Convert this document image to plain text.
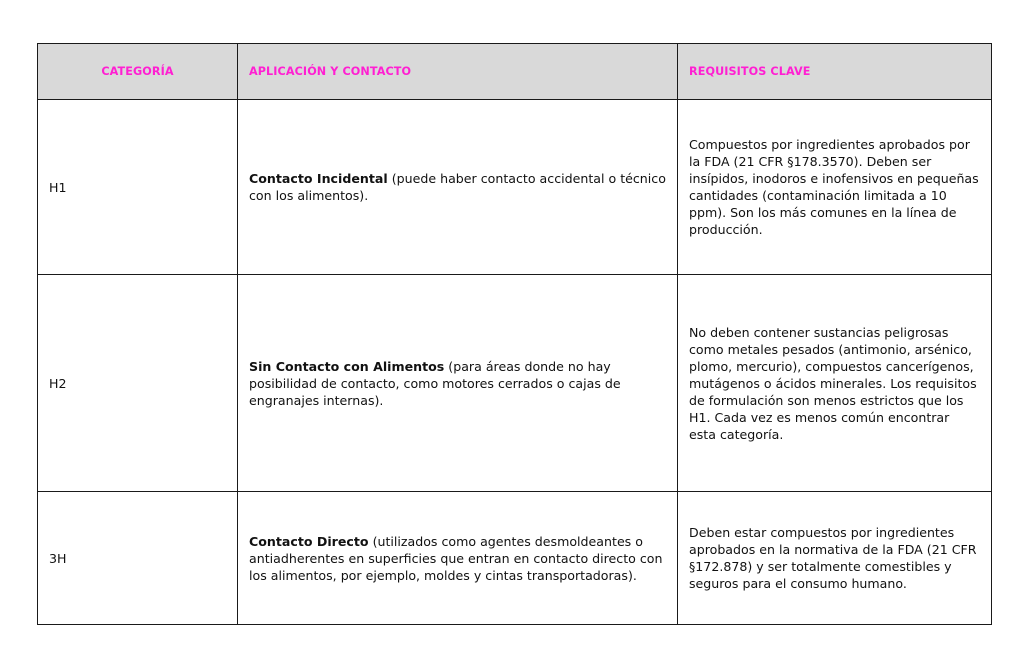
CATEGORÍA	APLICACIÓN Y CONTACTO	REQUISITOS CLAVE
H1	Contacto Incidental (puede haber contacto accidental o técnico con los alimentos).	Compuestos por ingredientes aprobados por la FDA (21 CFR §178.3570). Deben ser insípidos, inodoros e inofensivos en pequeñas cantidades (contaminación limitada a 10 ppm). Son los más comunes en la línea de producción.
H2	Sin Contacto con Alimentos (para áreas donde no hay posibilidad de contacto, como motores cerrados o cajas de engranajes internas).	No deben contener sustancias peligrosas como metales pesados (antimonio, arsénico, plomo, mercurio), compuestos cancerígenos, mutágenos o ácidos minerales. Los requisitos de formulación son menos estrictos que los H1. Cada vez es menos común encontrar esta categoría.
3H	Contacto Directo (utilizados como agentes desmoldeantes o antiadherentes en superficies que entran en contacto directo con los alimentos, por ejemplo, moldes y cintas transportadoras).	Deben estar compuestos por ingredientes aprobados en la normativa de la FDA (21 CFR §172.878) y ser totalmente comestibles y seguros para el consumo humano.
